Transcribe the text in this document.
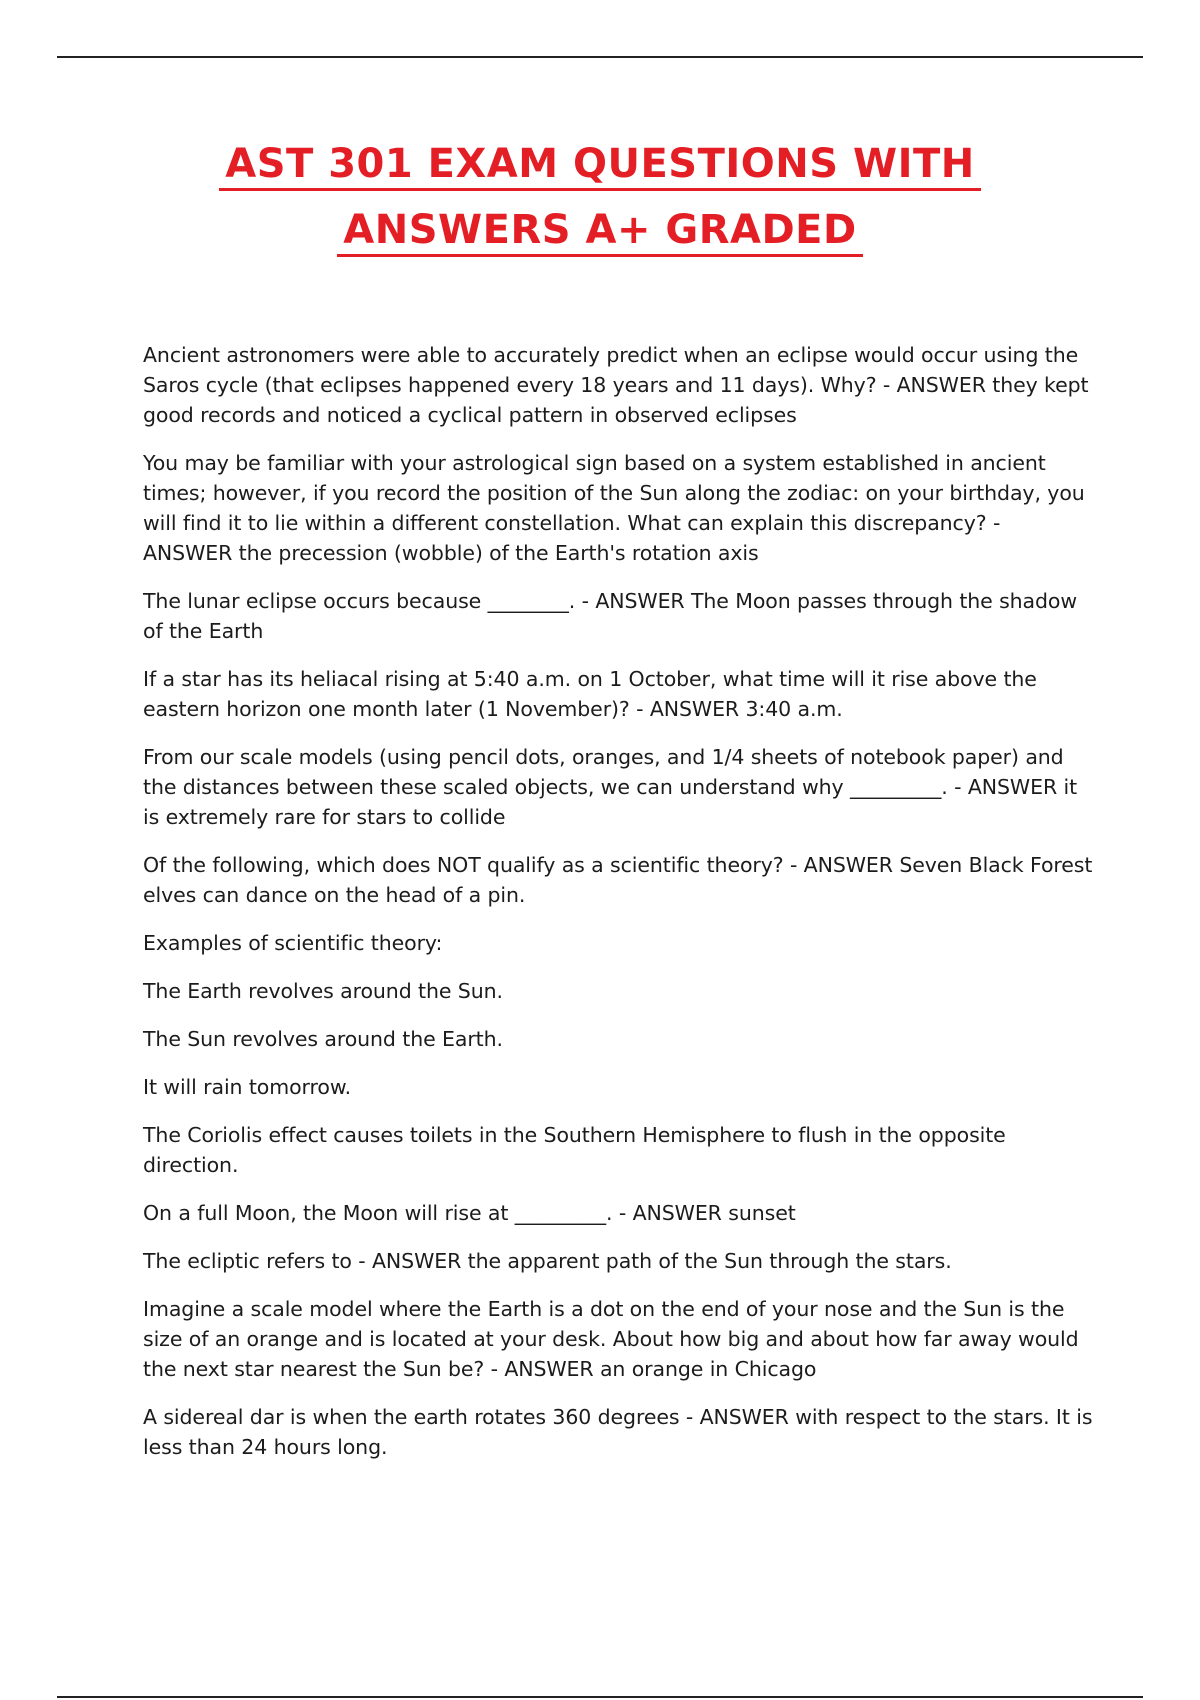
AST 301 EXAM QUESTIONS WITH
ANSWERS A+ GRADED

Ancient astronomers were able to accurately predict when an eclipse would occur using the Saros cycle (that eclipses happened every 18 years and 11 days). Why? - ANSWER they kept good records and noticed a cyclical pattern in observed eclipses

You may be familiar with your astrological sign based on a system established in ancient times; however, if you record the position of the Sun along the zodiac: on your birthday, you will find it to lie within a different constellation. What can explain this discrepancy? - ANSWER the precession (wobble) of the Earth's rotation axis

The lunar eclipse occurs because ________. - ANSWER The Moon passes through the shadow of the Earth

If a star has its heliacal rising at 5:40 a.m. on 1 October, what time will it rise above the eastern horizon one month later (1 November)? - ANSWER 3:40 a.m.

From our scale models (using pencil dots, oranges, and 1/4 sheets of notebook paper) and the distances between these scaled objects, we can understand why _________. - ANSWER it is extremely rare for stars to collide

Of the following, which does NOT qualify as a scientific theory? - ANSWER Seven Black Forest elves can dance on the head of a pin.

Examples of scientific theory:

The Earth revolves around the Sun.

The Sun revolves around the Earth.

It will rain tomorrow.

The Coriolis effect causes toilets in the Southern Hemisphere to flush in the opposite direction.

On a full Moon, the Moon will rise at _________. - ANSWER sunset

The ecliptic refers to - ANSWER the apparent path of the Sun through the stars.

Imagine a scale model where the Earth is a dot on the end of your nose and the Sun is the size of an orange and is located at your desk. About how big and about how far away would the next star nearest the Sun be? - ANSWER an orange in Chicago

A sidereal dar is when the earth rotates 360 degrees - ANSWER with respect to the stars. It is less than 24 hours long.
